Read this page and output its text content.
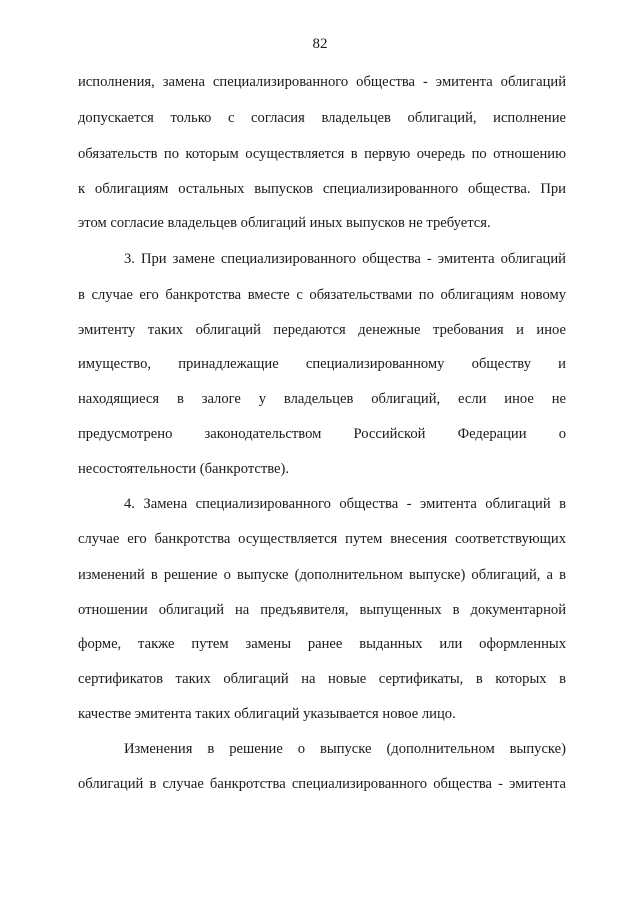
82
исполнения, замена специализированного общества - эмитента облигаций
допускается только с согласия владельцев облигаций, исполнение
обязательств по которым осуществляется в первую очередь по отношению
к облигациям остальных выпусков специализированного общества. При
этом согласие владельцев облигаций иных выпусков не требуется.
3. При замене специализированного общества - эмитента облигаций
в случае его банкротства вместе с обязательствами по облигациям новому
эмитенту таких облигаций передаются денежные требования и иное
имущество, принадлежащие специализированному обществу и
находящиеся в залоге у владельцев облигаций, если иное не
предусмотрено законодательством Российской Федерации о
несостоятельности (банкротстве).
4. Замена специализированного общества - эмитента облигаций в
случае его банкротства осуществляется путем внесения соответствующих
изменений в решение о выпуске (дополнительном выпуске) облигаций, а в
отношении облигаций на предъявителя, выпущенных в документарной
форме, также путем замены ранее выданных или оформленных
сертификатов таких облигаций на новые сертификаты, в которых в
качестве эмитента таких облигаций указывается новое лицо.
Изменения в решение о выпуске (дополнительном выпуске)
облигаций в случае банкротства специализированного общества - эмитента
